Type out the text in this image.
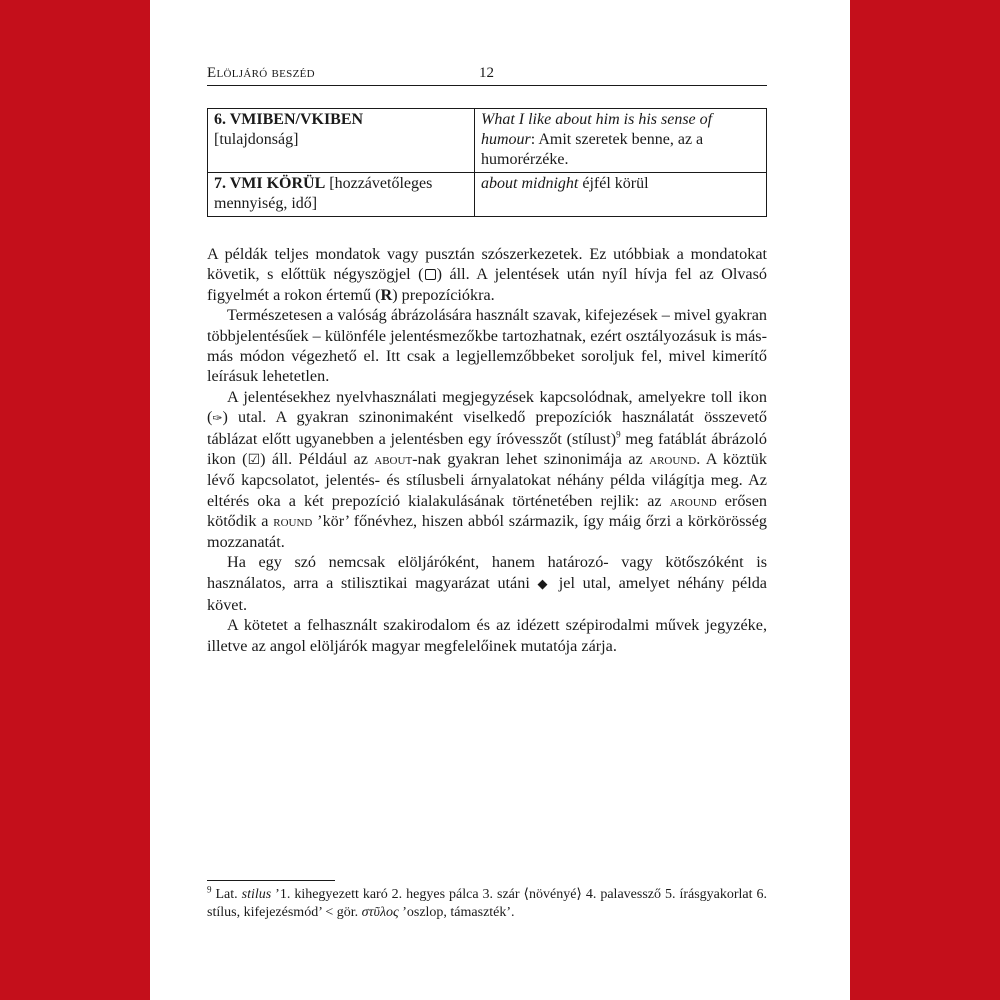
Elöljáró beszéd	12
6. VMIBEN/VKIBEN
[tulajdonság]	What I like about him is his sense of humour: Amit szeretek benne, az a humorérzéke.
7. VMI KÖRÜL [hozzávetőleges mennyiség, idő]	about midnight éjfél körül

A példák teljes mondatok vagy pusztán szószerkezetek. Ez utóbbiak a mondatokat követik, s előttük négyszögjel ( ) áll. A jelentések után nyíl hívja fel az Olvasó figyelmét a rokon értemű (R) prepozíciókra.

Természetesen a valóság ábrázolására használt szavak, kifejezések – mivel gyakran többjelentésűek – különféle jelentésmezőkbe tartozhatnak, ezért osztályozásuk is más-más módon végezhető el. Itt csak a legjellemzőbbeket soroljuk fel, mivel kimerítő leírásuk lehetetlen.

A jelentésekhez nyelvhasználati megjegyzések kapcsolódnak, amelyekre toll ikon (✑) utal. A gyakran szinonimaként viselkedő prepozíciók használatát összevető táblázat előtt ugyanebben a jelentésben egy íróvesszőt (stílust)$^9$ meg fatáblát ábrázoló ikon (☑) áll. Például az about-nak gyakran lehet szinonimája az around. A köztük lévő kapcsolatot, jelentés- és stílusbeli árnyalatokat néhány példa világítja meg. Az eltérés oka a két prepozíció kialakulásának történetében rejlik: az around erősen kötődik a round ’kör’ főnévhez, hiszen abból származik, így máig őrzi a körkörösség mozzanatát.

Ha egy szó nemcsak elöljáróként, hanem határozó- vagy kötőszóként is használatos, arra a stilisztikai magyarázat utáni ◆ jel utal, amelyet néhány példa követ.

A kötetet a felhasznált szakirodalom és az idézett szépirodalmi művek jegyzéke, illetve az angol elöljárók magyar megfelelőinek mutatója zárja.

$^9$ Lat. stilus ’1. kihegyezett karó 2. hegyes pálca 3. szár ⟨növényé⟩ 4. palavessző 5. írásgyakorlat 6. stílus, kifejezésmód’ < gör. στῦλος ’oszlop, támaszték’.
